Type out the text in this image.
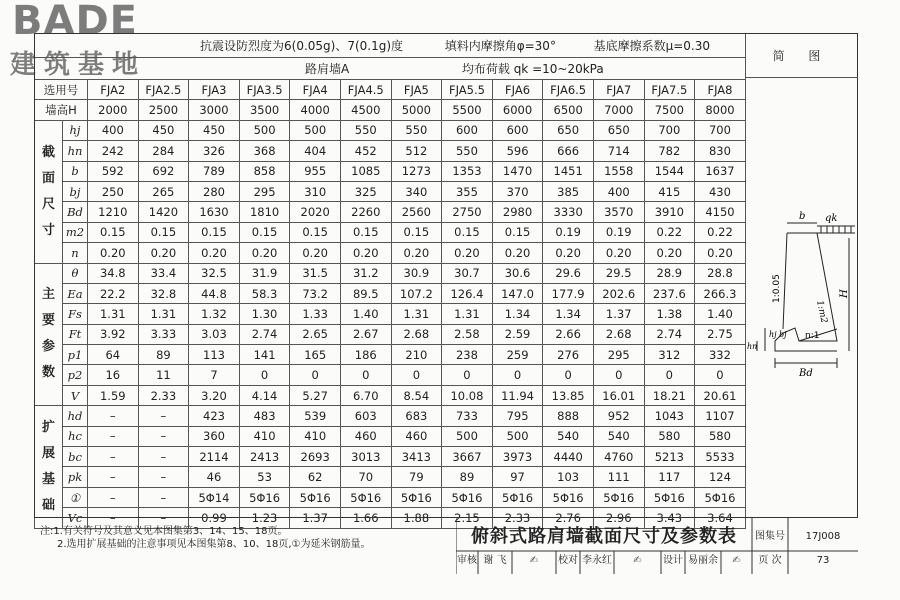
BADE
建筑基地
抗震设防烈度为6(0.05g)、7(0.1g)度 填料内摩擦角φ=30° 基底摩擦系数μ=0.30														
路肩墙A 均布荷载 qk =10~20kPa														
选用号		FJA2	FJA2.5	FJA3	FJA3.5	FJA4	FJA4.5	FJA5	FJA5.5	FJA6	FJA6.5	FJA7	FJA7.5	FJA8
墙高H		2000	2500	3000	3500	4000	4500	5000	5500	6000	6500	7000	7500	8000
截面尺寸	hj	400	450	450	500	500	550	550	600	600	650	650	700	700
	hn	242	284	326	368	404	452	512	550	596	666	714	782	830
	b	592	692	789	858	955	1085	1273	1353	1470	1451	1558	1544	1637
	bj	250	265	280	295	310	325	340	355	370	385	400	415	430
	Bd	1210	1420	1630	1810	2020	2260	2560	2750	2980	3330	3570	3910	4150
	m2	0.15	0.15	0.15	0.15	0.15	0.15	0.15	0.15	0.15	0.19	0.19	0.22	0.22
	n	0.20	0.20	0.20	0.20	0.20	0.20	0.20	0.20	0.20	0.20	0.20	0.20	0.20
主要参数	θ	34.8	33.4	32.5	31.9	31.5	31.2	30.9	30.7	30.6	29.6	29.5	28.9	28.8
	Ea	22.2	32.8	44.8	58.3	73.2	89.5	107.2	126.4	147.0	177.9	202.6	237.6	266.3
	Fs	1.31	1.31	1.32	1.30	1.33	1.40	1.31	1.31	1.34	1.34	1.37	1.38	1.40
	Ft	3.92	3.33	3.03	2.74	2.65	2.67	2.68	2.58	2.59	2.66	2.68	2.74	2.75
	p1	64	89	113	141	165	186	210	238	259	276	295	312	332
	p2	16	11	7	0	0	0	0	0	0	0	0	0	0
	V	1.59	2.33	3.20	4.14	5.27	6.70	8.54	10.08	11.94	13.85	16.01	18.21	20.61
扩展基础	hd	–	–	423	483	539	603	683	733	795	888	952	1043	1107
	hc	–	–	360	410	410	460	460	500	500	540	540	580	580
	bc	–	–	2114	2413	2693	3013	3413	3667	3973	4440	4760	5213	5533
	pk	–	–	46	53	62	70	79	89	97	103	111	117	124
	①	–	–	5Φ14	5Φ16	5Φ16	5Φ16	5Φ16	5Φ16	5Φ16	5Φ16	5Φ16	5Φ16	5Φ16
	Vc	–	–	0.99	1.23	1.37	1.66	1.88	2.15	2.33	2.76	2.96	3.43	3.64
简 图
b qk
1:0.05
1:m2
H
hj
hn
bj n:1
Bd
注:1.有关符号及其意义见本图集第3、14、15、18页。
2.选用扩展基础的注意事项见本图集第8、10、18页,①为延米钢筋量。	俯斜式路肩墙截面尺寸及参数表	图集号	17J008
审核 谢 飞	✍	校对 李永红	✍	设计 易丽余	✍	页 次	73
